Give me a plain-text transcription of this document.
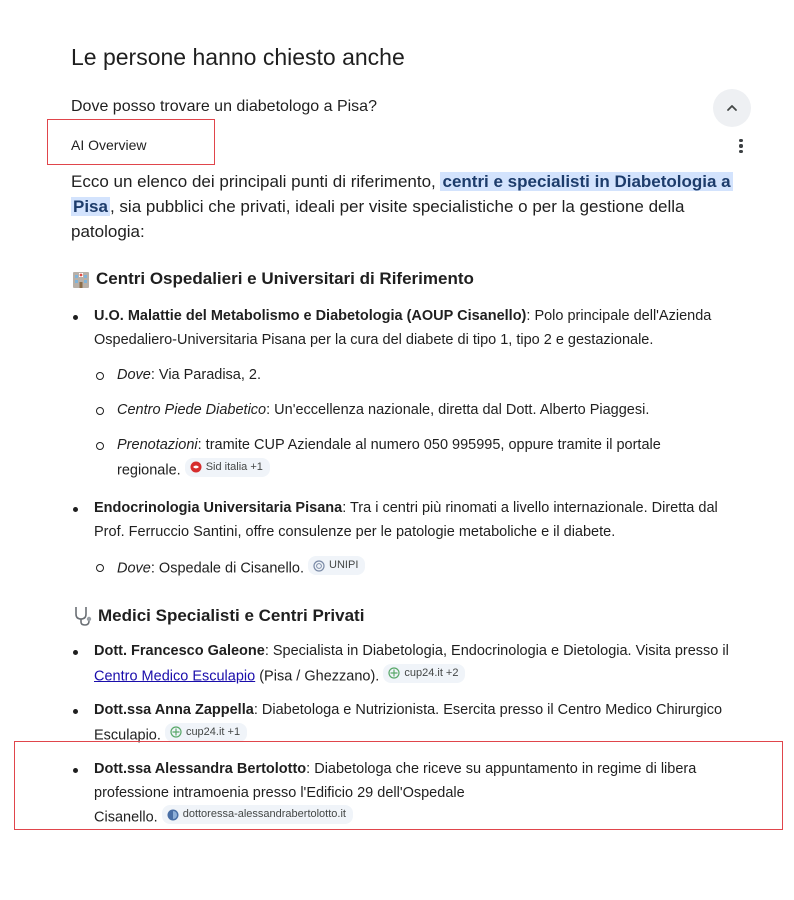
Le persone hanno chiesto anche
Dove posso trovare un diabetologo a Pisa?
AI Overview
Ecco un elenco dei principali punti di riferimento, centri e specialisti in Diabetologia a
Pisa , sia pubblici che privati, ideali per visite specialistiche o per la gestione della
patologia:
Centri Ospedalieri e Universitari di Riferimento
U.O. Malattie del Metabolismo e Diabetologia (AOUP Cisanello): Polo principale dell'Azienda
Ospedaliero-Universitaria Pisana per la cura del diabete di tipo 1, tipo 2 e gestazionale.
Dove: Via Paradisa, 2.
Centro Piede Diabetico: Un'eccellenza nazionale, diretta dal Dott. Alberto Piaggesi.
Prenotazioni: tramite CUP Aziendale al numero 050 995995, oppure tramite il portale
regionale. Sid italia +1
Endocrinologia Universitaria Pisana: Tra i centri più rinomati a livello internazionale. Diretta dal
Prof. Ferruccio Santini, offre consulenze per le patologie metaboliche e il diabete.
Dove: Ospedale di Cisanello. UNIPI
Medici Specialisti e Centri Privati
Dott. Francesco Galeone: Specialista in Diabetologia, Endocrinologia e Dietologia. Visita presso il
Centro Medico Esculapio (Pisa / Ghezzano). cup24.it +2
Dott.ssa Anna Zappella: Diabetologa e Nutrizionista. Esercita presso il Centro Medico Chirurgico
Esculapio. cup24.it +1
Dott.ssa Alessandra Bertolotto: Diabetologa che riceve su appuntamento in regime di libera
professione intramoenia presso l'Edificio 29 dell'Ospedale
Cisanello. dottoressa-alessandrabertolotto.it
